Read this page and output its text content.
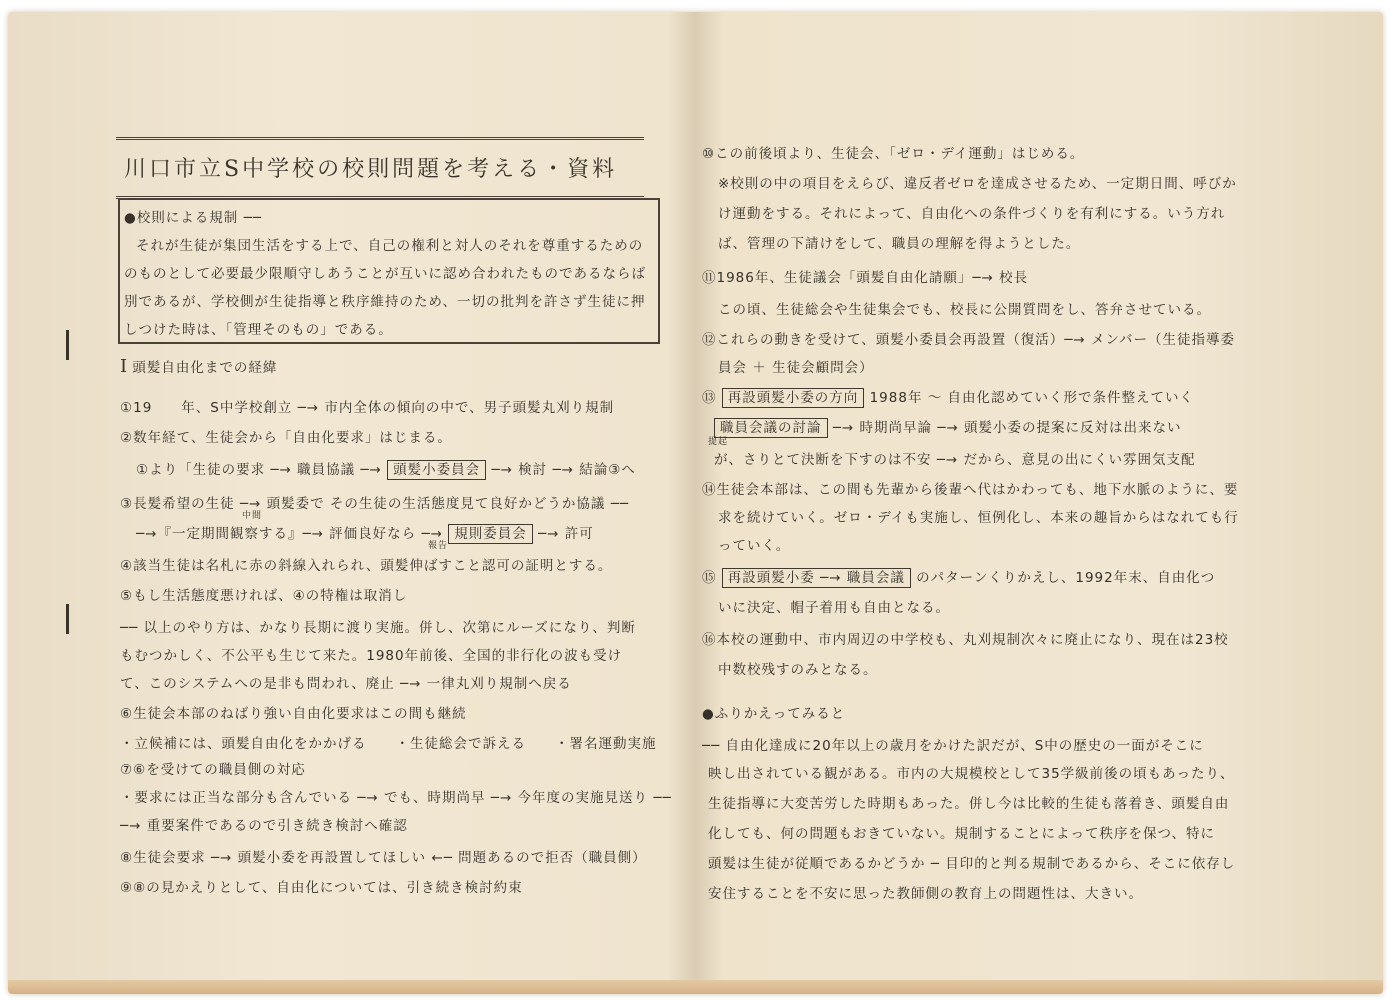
川口市立S中学校の校則問題を考える・資料
●校則による規制 ──
それが生徒が集団生活をする上で、自己の権利と対人のそれを尊重するための
のものとして必要最少限順守しあうことが互いに認め合われたものであるならば
別であるが、学校側が生徒指導と秩序維持のため、一切の批判を許さず生徒に押
しつけた時は、「管理そのもの」である。
I 頭髪自由化までの経緯
①19　　年、S中学校創立 ─→ 市内全体の傾向の中で、男子頭髪丸刈り規制
②数年経て、生徒会から「自由化要求」はじまる。
①より「生徒の要求 ─→ 職員協議 ─→ 頭髪小委員会 ─→ 検討 ─→ 結論③へ
③長髪希望の生徒 ─→ 頭髪委で その生徒の生活態度見て良好かどうか協議 ──
中間
─→『一定期間観察する』─→ 評価良好なら ─→ 規則委員会 ─→ 許可
報告
④該当生徒は名札に赤の斜線入れられ、頭髪伸ばすこと認可の証明とする。
⑤もし生活態度悪ければ、④の特権は取消し
── 以上のやり方は、かなり長期に渡り実施。併し、次第にルーズになり、判断
もむつかしく、不公平も生じて来た。1980年前後、全国的非行化の波も受け
て、このシステムへの是非も問われ、廃止 ─→ 一律丸刈り規制へ戻る
⑥生徒会本部のねばり強い自由化要求はこの間も継続
・立候補には、頭髪自由化をかかげる　　・生徒総会で訴える　　・署名運動実施
⑦⑥を受けての職員側の対応
・要求には正当な部分も含んでいる ─→ でも、時期尚早 ─→ 今年度の実施見送り ──
─→ 重要案件であるので引き続き検討へ確認
⑧生徒会要求 ─→ 頭髪小委を再設置してほしい ←─ 問題あるので拒否（職員側）
⑨⑧の見かえりとして、自由化については、引き続き検討約束
⑩この前後頃より、生徒会、「ゼロ・デイ運動」はじめる。
※校則の中の項目をえらび、違反者ゼロを達成させるため、一定期日間、呼びか
け運動をする。それによって、自由化への条件づくりを有利にする。いう方れ
ば、管理の下請けをして、職員の理解を得ようとした。
⑪1986年、生徒議会「頭髪自由化請願」─→ 校長
この頃、生徒総会や生徒集会でも、校長に公開質問をし、答弁させている。
⑫これらの動きを受けて、頭髪小委員会再設置（復活）─→ メンバー（生徒指導委
員会 ＋ 生徒会顧問会）
⑬ 再設頭髪小委の方向 1988年 〜 自由化認めていく形で条件整えていく
職員会議の討論 ─→ 時期尚早論 ─→ 頭髪小委の提案に反対は出来ない
提起
が、さりとて決断を下すのは不安 ─→ だから、意見の出にくい雰囲気支配
⑭生徒会本部は、この間も先輩から後輩へ代はかわっても、地下水脈のように、要
求を続けていく。ゼロ・デイも実施し、恒例化し、本来の趣旨からはなれても行
っていく。
⑮ 再設頭髪小委 ─→ 職員会議 のパターンくりかえし、1992年末、自由化つ
いに決定、帽子着用も自由となる。
⑯本校の運動中、市内周辺の中学校も、丸刈規制次々に廃止になり、現在は23校
中数校残すのみとなる。
●ふりかえってみると
── 自由化達成に20年以上の歳月をかけた訳だが、S中の歴史の一面がそこに
映し出されている観がある。市内の大規模校として35学級前後の頃もあったり、
生徒指導に大変苦労した時期もあった。併し今は比較的生徒も落着き、頭髪自由
化しても、何の問題もおきていない。規制することによって秩序を保つ、特に
頭髪は生徒が従順であるかどうか ─ 目印的と判る規制であるから、そこに依存し
安住することを不安に思った教師側の教育上の問題性は、大きい。
